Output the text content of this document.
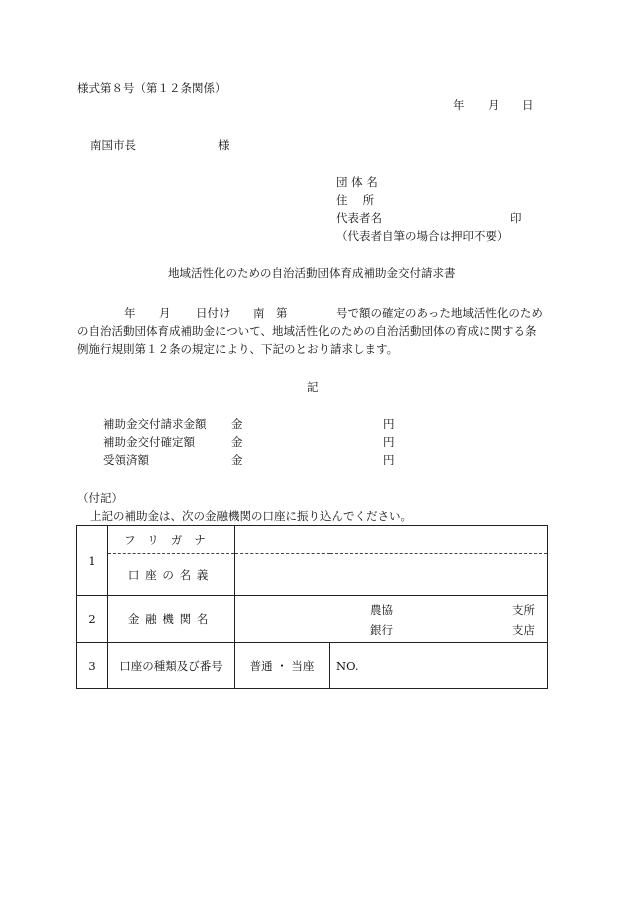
様式第８号（第１２条関係）
年 月 日
南国市長	様
団 体 名
住　 所
代表者名	印
（代表者自筆の場合は押印不要）
地域活性化のための自治活動団体育成補助金交付請求書
年 月 日付け 南 第	号で額の確定のあった地域活性化のため
の自治活動団体育成補助金について、地域活性化のための自治活動団体の育成に関する条
例施行規則第１２条の規定により、下記のとおり請求します。
記
補助金交付請求金額 金	円
補助金交付確定額	金	円
受領済額	金	円
（付記）
上記の補助金は、次の金融機関の口座に振り込んでください。
1	フリガナ		
	口座の名義		
2	金融機関名	農協 支所
銀行 支店	

3	口座の種類及び番号	普通 ・ 当座	NO.
